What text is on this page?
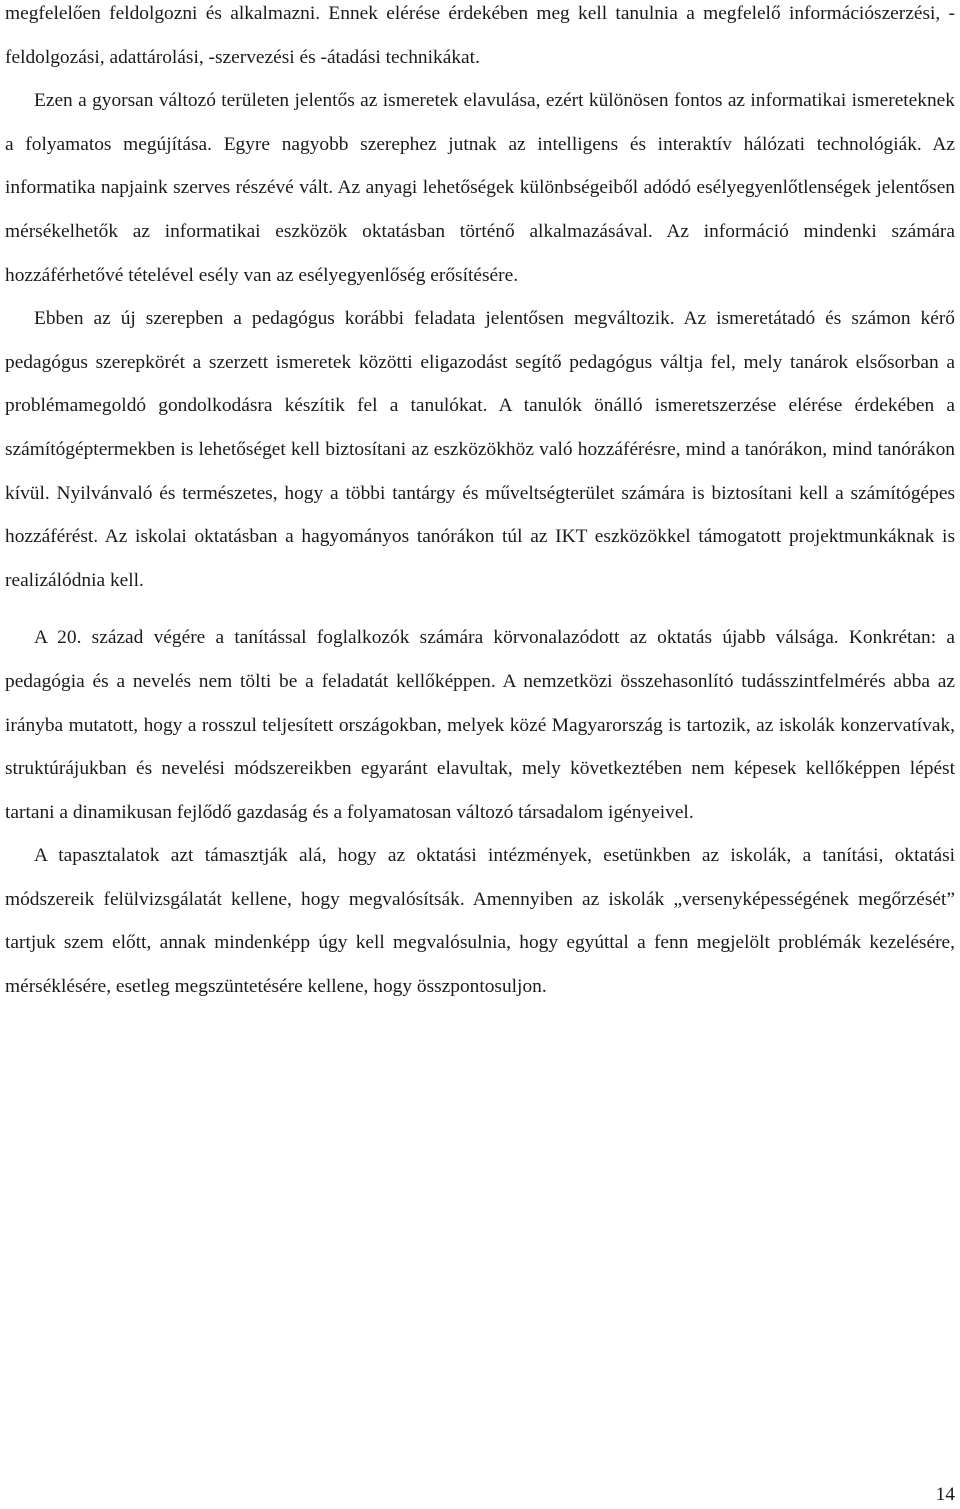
megfelelően feldolgozni és alkalmazni. Ennek elérése érdekében meg kell tanulnia a megfelelő információszerzési, -feldolgozási, adattárolási, -szervezési és -átadási technikákat.

Ezen a gyorsan változó területen jelentős az ismeretek elavulása, ezért különösen fontos az informatikai ismereteknek a folyamatos megújítása. Egyre nagyobb szerephez jutnak az intelligens és interaktív hálózati technológiák. Az informatika napjaink szerves részévé vált. Az anyagi lehetőségek különbségeiből adódó esélyegyenlőtlenségek jelentősen mérsékelhetők az informatikai eszközök oktatásban történő alkalmazásával. Az információ mindenki számára hozzáférhetővé tételével esély van az esélyegyenlőség erősítésére.

Ebben az új szerepben a pedagógus korábbi feladata jelentősen megváltozik. Az ismeretátadó és számon kérő pedagógus szerepkörét a szerzett ismeretek közötti eligazodást segítő pedagógus váltja fel, mely tanárok elsősorban a problémamegoldó gondolkodásra készítik fel a tanulókat. A tanulók önálló ismeretszerzése elérése érdekében a számítógéptermekben is lehetőséget kell biztosítani az eszközökhöz való hozzáférésre, mind a tanórákon, mind tanórákon kívül. Nyilvánvaló és természetes, hogy a többi tantárgy és műveltségterület számára is biztosítani kell a számítógépes hozzáférést. Az iskolai oktatásban a hagyományos tanórákon túl az IKT eszközökkel támogatott projektmunkáknak is realizálódnia kell.

A 20. század végére a tanítással foglalkozók számára körvonalazódott az oktatás újabb válsága. Konkrétan: a pedagógia és a nevelés nem tölti be a feladatát kellőképpen. A nemzetközi összehasonlító tudásszintfelmérés abba az irányba mutatott, hogy a rosszul teljesített országokban, melyek közé Magyarország is tartozik, az iskolák konzervatívak, struktúrájukban és nevelési módszereikben egyaránt elavultak, mely következtében nem képesek kellőképpen lépést tartani a dinamikusan fejlődő gazdaság és a folyamatosan változó társadalom igényeivel.

A tapasztalatok azt támasztják alá, hogy az oktatási intézmények, esetünkben az iskolák, a tanítási, oktatási módszereik felülvizsgálatát kellene, hogy megvalósítsák. Amennyiben az iskolák „versenyképességének megőrzését” tartjuk szem előtt, annak mindenképp úgy kell megvalósulnia, hogy egyúttal a fenn megjelölt problémák kezelésére, mérséklésére, esetleg megszüntetésére kellene, hogy összpontosuljon.

14
